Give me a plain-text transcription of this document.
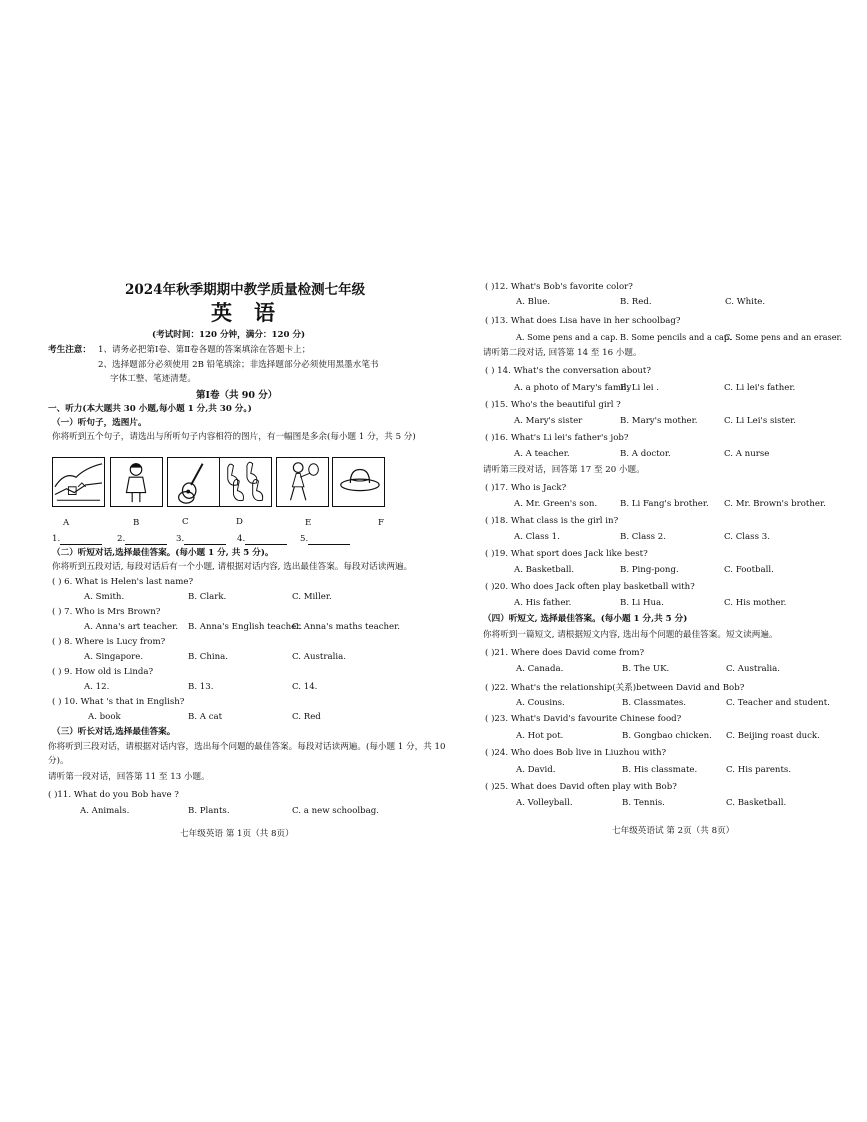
2024年秋季期期中教学质量检测七年级
英语
(考试时间：120 分钟，满分：120 分)
考生注意： 1、请务必把第Ⅰ卷、第Ⅱ卷各题的答案填涂在答题卡上；
2、选择题部分必须使用 2B 铅笔填涂；非选择题部分必须使用黑墨水笔书
字体工整、笔迹清楚。
第Ⅰ卷（共 90 分）
一、听力(本大题共 30 小题,每小题 1 分,共 30 分。)
（一）听句子，选图片。
你将听到五个句子，请选出与所听句子内容相符的图片，有一幅图是多余(每小题 1 分，共 5 分)
A	B	C	D	E	F
1.	2.	3.	4.	5.
（二）听短对话,选择最佳答案。(每小题 1 分, 共 5 分)。
你将听到五段对话, 每段对话后有一个小题, 请根据对话内容, 选出最佳答案。每段对话读两遍。
( ) 6. What is Helen's last name?
A. Smith.	B. Clark.	C. Miller.
( ) 7. Who is Mrs Brown?
A. Anna's art teacher. B. Anna's English teacher.
C. Anna's maths teacher.
( ) 8. Where is Lucy from?
A. Singapore.	B. China.	C. Australia.
( ) 9. How old is Linda?
A. 12.	B. 13.	C. 14.
( ) 10. What 's that in English?
A. book	B. A cat	C. Red
（三）听长对话,选择最佳答案。
你将听到三段对话，请根据对话内容，选出每个问题的最佳答案。每段对话读两遍。(每小题 1 分，共 10
分)。
请听第一段对话，回答第 11 至 13 小题。
( )11. What do you Bob have ?
A. Animals.	B. Plants.	C. a new schoolbag.
七年级英语 第 1页（共 8页）
( )12. What's Bob's favorite color?
A. Blue.	B. Red.	C. White.
( )13. What does Lisa have in her schoolbag?
A. Some pens and a cap. B. Some pencils and a cap.
C. Some pens and an eraser.
请听第二段对话, 回答第 14 至 16 小题。
( ) 14. What's the conversation about?
A. a photo of Mary's family
B. Li lei .	C. Li lei's father.
( )15. Who's the beautiful girl ?
A. Mary's sister	B. Mary's mother.	C. Li Lei's sister.
( )16. What's Li lei's father's job?
A. A teacher.	B. A doctor.	C. A nurse
请听第三段对话，回答第 17 至 20 小题。
( )17. Who is Jack?
A. Mr. Green's son.	B. Li Fang's brother. C. Mr. Brown's brother.
( )18. What class is the girl in?
A. Class 1.	B. Class 2.	C. Class 3.
( )19. What sport does Jack like best?
A. Basketball.	B. Ping-pong.	C. Football.
( )20. Who does Jack often play basketball with?
A. His father.	B. Li Hua.	C. His mother.
（四）听短文, 选择最佳答案。(每小题 1 分,共 5 分)
你将听到一篇短文, 请根据短文内容, 选出每个问题的最佳答案。短文读两遍。
( )21. Where does David come from?
A. Canada.	B. The UK.	C. Australia.
( )22. What's the relationship(关系)between David and Bob?
A. Cousins.	B. Classmates.	C. Teacher and student.
( )23. What's David's favourite Chinese food?
A. Hot pot.	B. Gongbao chicken. C. Beijing roast duck.
( )24. Who does Bob live in Liuzhou with?
A. David.	B. His classmate.	C. His parents.
( )25. What does David often play with Bob?
A. Volleyball.	B. Tennis.	C. Basketball.
七年级英语试 第 2页（共 8页）
